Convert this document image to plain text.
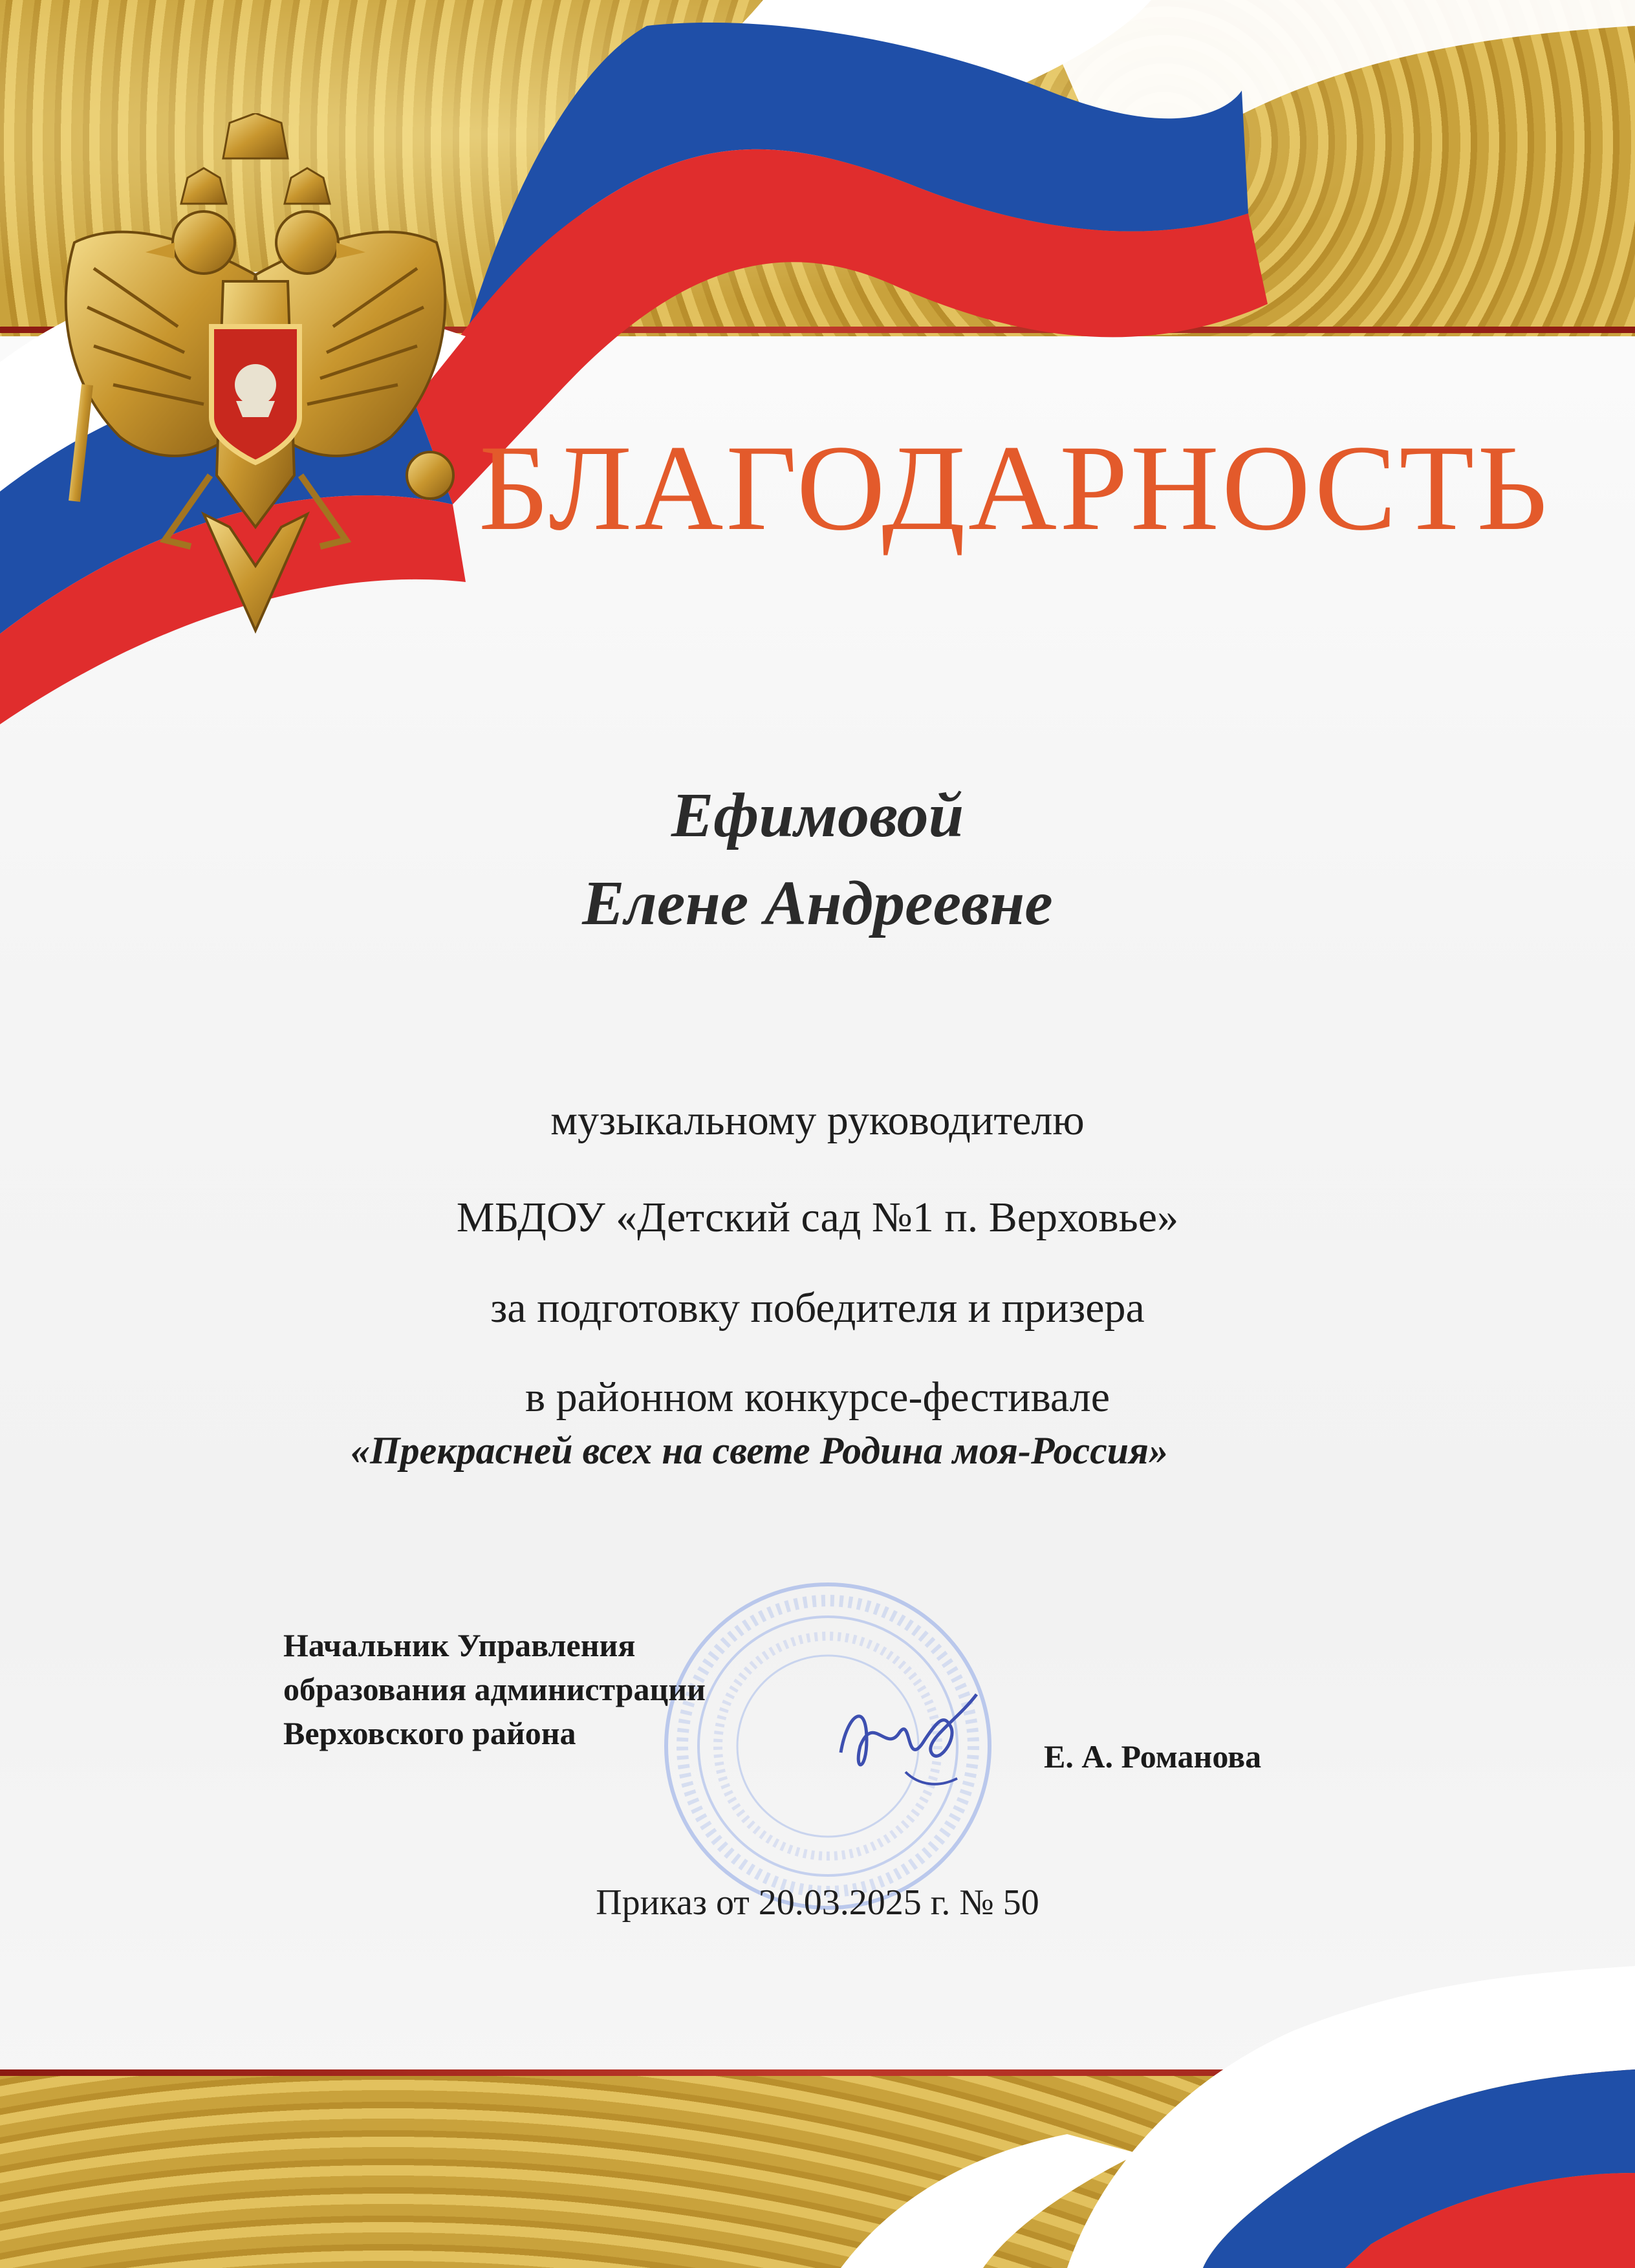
БЛАГОДАРНОСТЬ
Ефимовой
Елене Андреевне
музыкальному руководителю
МБДОУ «Детский сад №1 п. Верховье»
за подготовку победителя и призера
в районном конкурсе-фестивале
«Прекрасней всех на свете Родина моя-Россия»
Начальник Управления
образования администрации
Верховского района
Е. А. Романова
Приказ от 20.03.2025 г. № 50
